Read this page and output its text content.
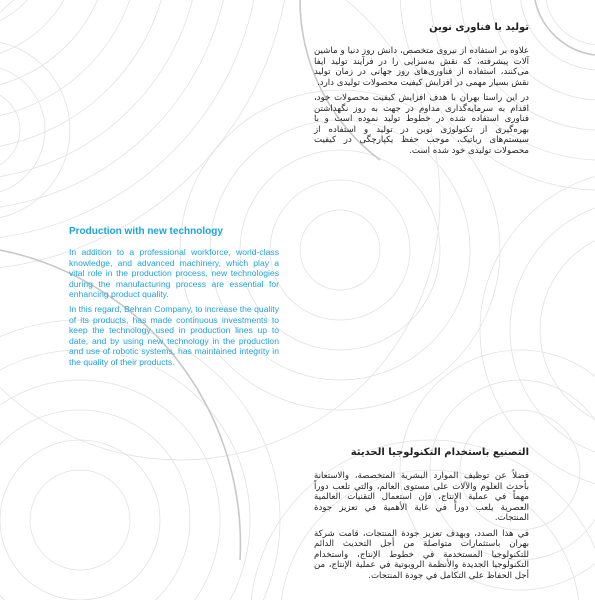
تولید با فناوری نوین

علاوه بر استفاده از نیروی متخصص، دانش روز دنیا و ماشین آلات پیشرفته، که نقش به‌سزایی را در فرآیند تولید ایفا می‌کنند، استفاده از فناوری‌های روز جهانی در زمان تولید نقش بسیار مهمی در افزایش کیفیت محصولات تولیدی دارد.

در این راستا بهران با هدف افزایش کیفیت محصولات خود، اقدام به سرمایه‌گذاری مداوم در جهت به روز نگهداشتن فناوری استفاده شده در خطوط تولید نموده است و با بهره‌گیری از تکنولوژی نوین در تولید و استفاده از سیستم‌های رباتیک، موجب حفظ یکپارچگی در کیفیت محصولات تولیدی خود شده است.

Production with new technology

In addition to a professional workforce, world-class knowledge, and advanced machinery, which play a vital role in the production process, new technologies during the manufacturing process are essential for enhancing product quality.

In this regard, Behran Company, to increase the quality of its products, has made continuous investments to keep the technology used in production lines up to date, and by using new technology in the production and use of robotic systems, has maintained integrity in the quality of their products.

التصنيع باستخدام التكنولوجيا الحديثة

فضلاً عن توظيف الموارد البشرية المتخصصة، والاستعانة بأحدث العلوم والآلات على مستوى العالم، والتي تلعب دوراً مهماً في عملية الإنتاج، فإن استعمال التقنيات العالمية العصرية يلعب دوراً في غاية الأهمية في تعزيز جودة المنتجات.

في هذا الصدد، وبهدف تعزيز جودة المنتجات، قامت شركة بهران باستثمارات متواصلة من أجل التحديث الدائم للتكنولوجيا المستخدمة في خطوط الإنتاج، واستخدام التكنولوجيا الجديدة والأنظمة الروبوتية في عملية الإنتاج، من أجل الحفاظ على التكامل في جودة المنتجات.
